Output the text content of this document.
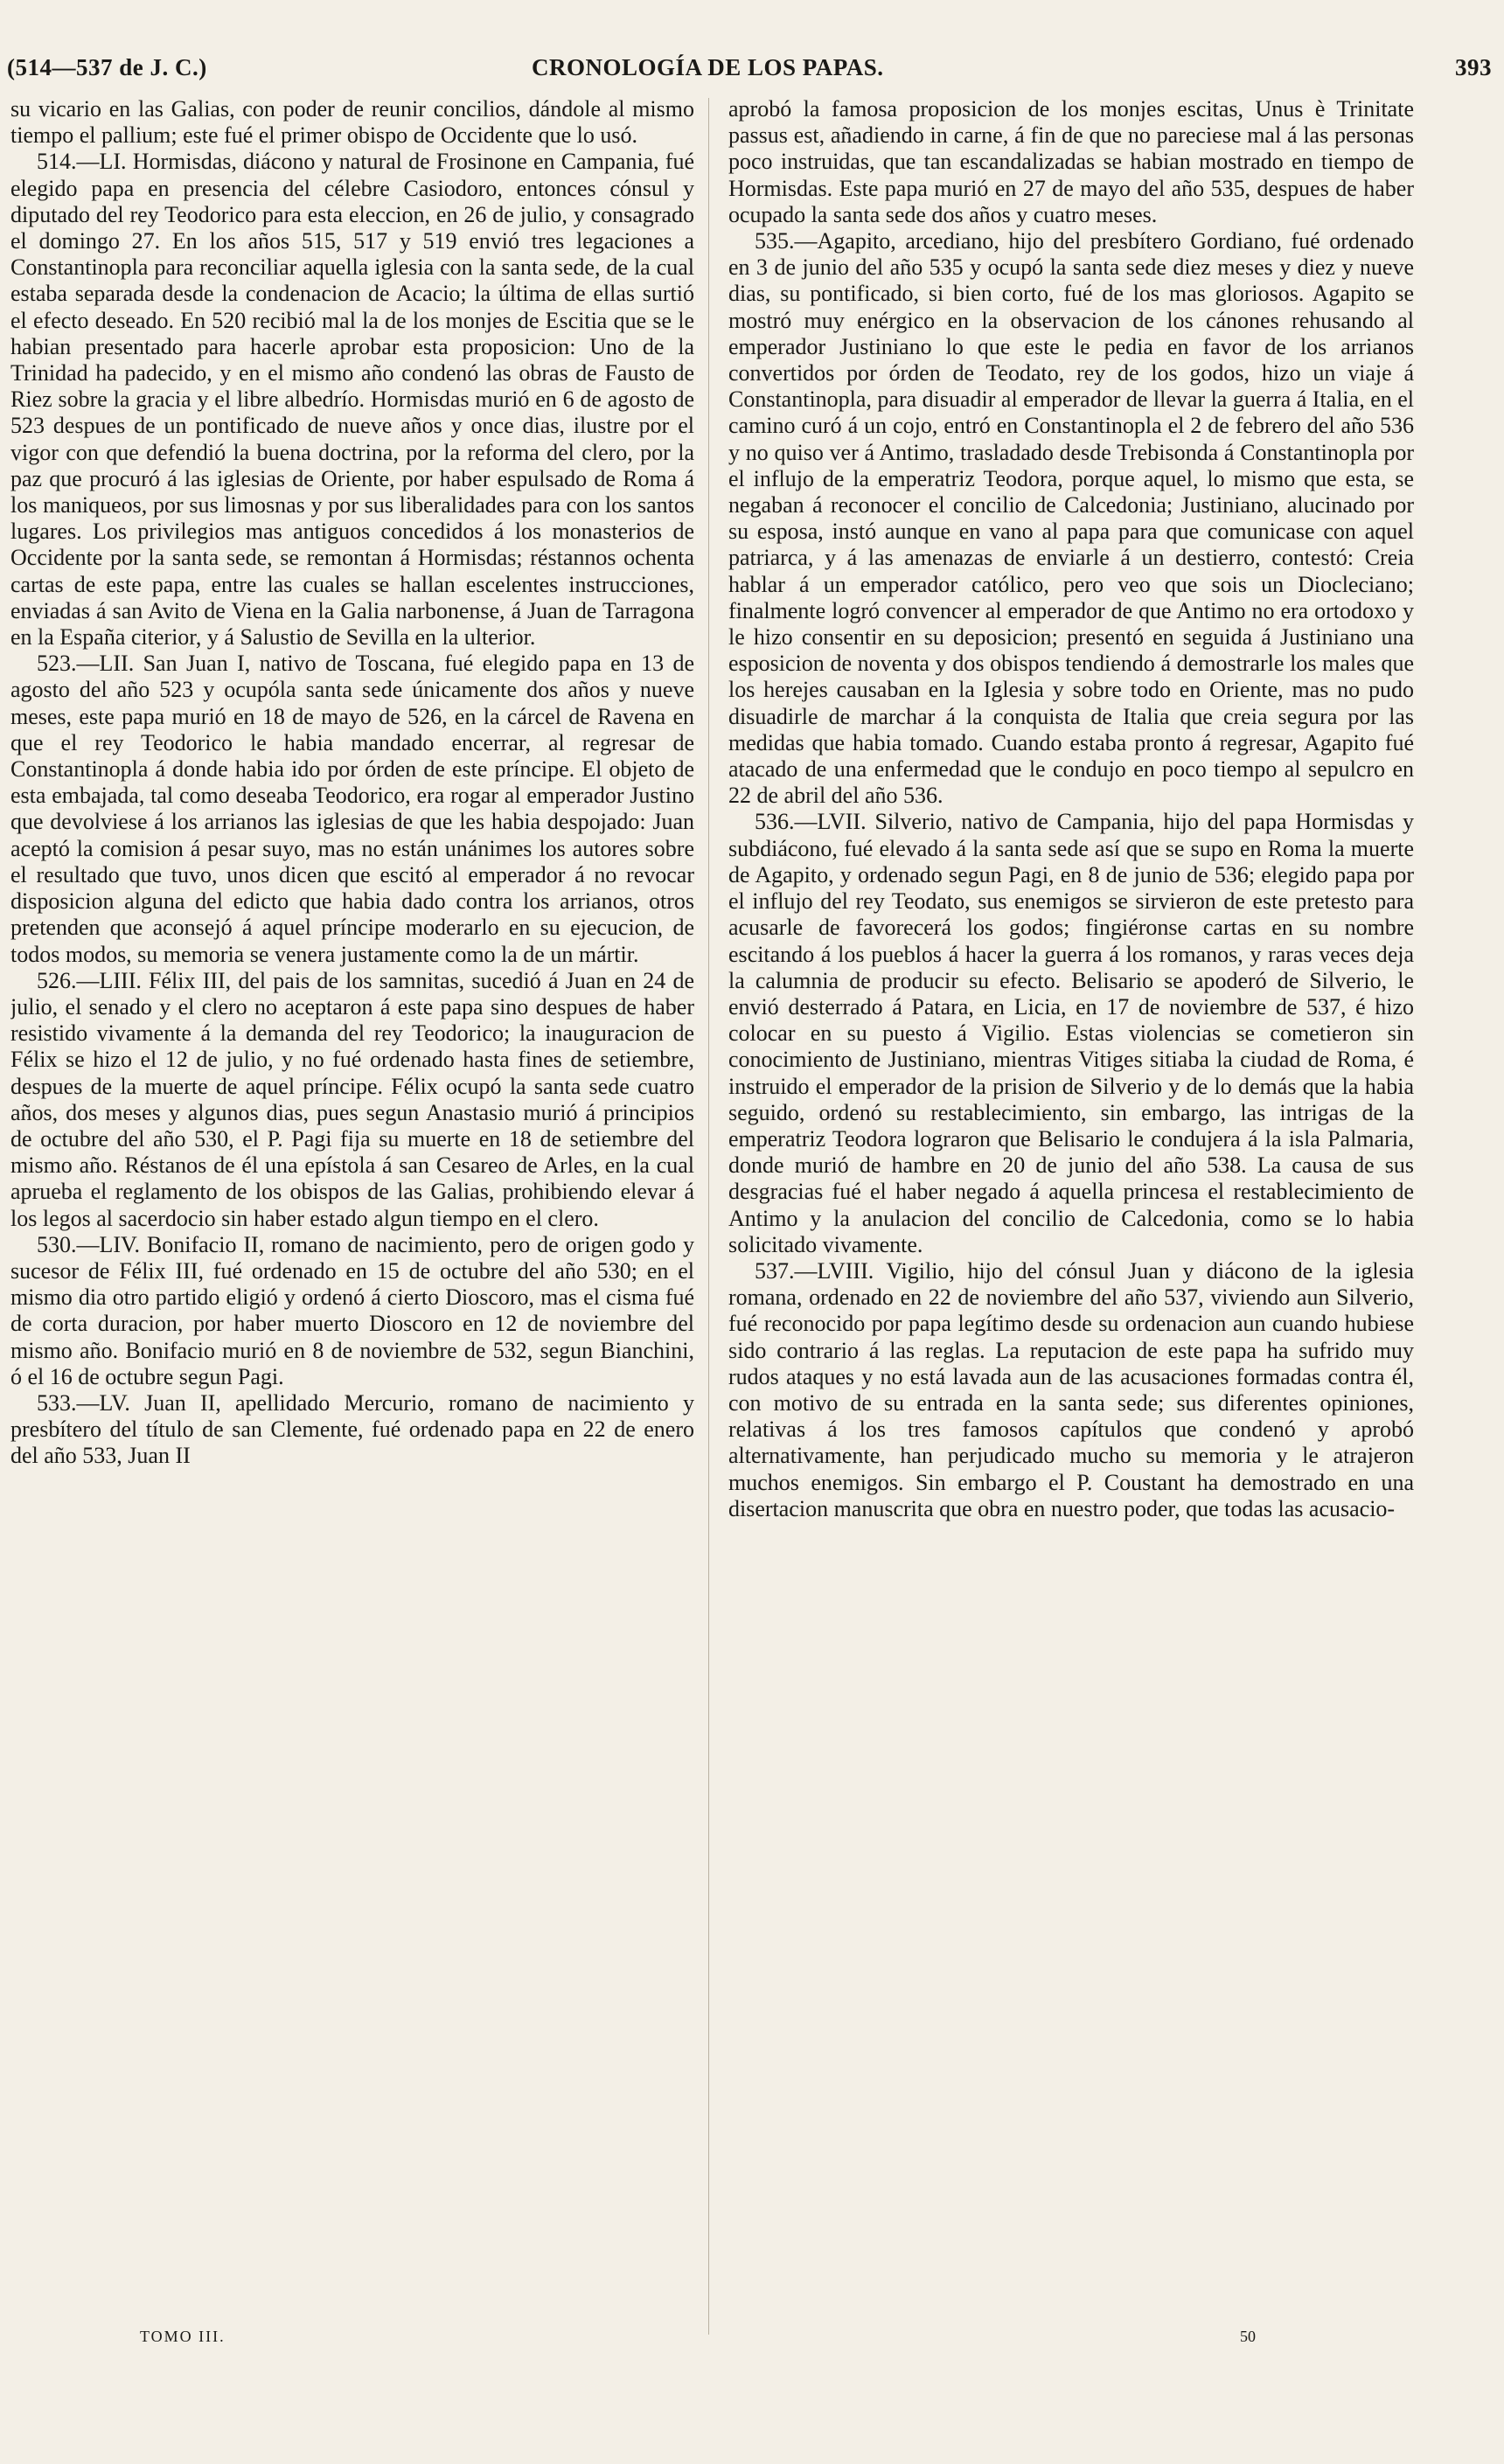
(514—537 de J. C.)	CRONOLOGÍA DE LOS PAPAS.	393

su vicario en las Galias, con poder de reunir concilios, dándole al mismo tiempo el pallium; este fué el primer obispo de Occidente que lo usó.

514.—LI. Hormisdas, diácono y natural de Frosinone en Campania, fué elegido papa en presencia del célebre Casiodoro, entonces cónsul y diputado del rey Teodorico para esta eleccion, en 26 de julio, y consagrado el domingo 27. En los años 515, 517 y 519 envió tres legaciones a Constantinopla para reconciliar aquella iglesia con la santa sede, de la cual estaba separada desde la condenacion de Acacio; la última de ellas surtió el efecto deseado. En 520 recibió mal la de los monjes de Escitia que se le habian presentado para hacerle aprobar esta proposicion: Uno de la Trinidad ha padecido, y en el mismo año condenó las obras de Fausto de Riez sobre la gracia y el libre albedrío. Hormisdas murió en 6 de agosto de 523 despues de un pontificado de nueve años y once dias, ilustre por el vigor con que defendió la buena doctrina, por la reforma del clero, por la paz que procuró á las iglesias de Oriente, por haber espulsado de Roma á los maniqueos, por sus limosnas y por sus liberalidades para con los santos lugares. Los privilegios mas antiguos concedidos á los monasterios de Occidente por la santa sede, se remontan á Hormisdas; réstannos ochenta cartas de este papa, entre las cuales se hallan escelentes instrucciones, enviadas á san Avito de Viena en la Galia narbonense, á Juan de Tarragona en la España citerior, y á Salustio de Sevilla en la ulterior.

523.—LII. San Juan I, nativo de Toscana, fué elegido papa en 13 de agosto del año 523 y ocupóla santa sede únicamente dos años y nueve meses, este papa murió en 18 de mayo de 526, en la cárcel de Ravena en que el rey Teodorico le habia mandado encerrar, al regresar de Constantinopla á donde habia ido por órden de este príncipe. El objeto de esta embajada, tal como deseaba Teodorico, era rogar al emperador Justino que devolviese á los arrianos las iglesias de que les habia despojado: Juan aceptó la comision á pesar suyo, mas no están unánimes los autores sobre el resultado que tuvo, unos dicen que escitó al emperador á no revocar disposicion alguna del edicto que habia dado contra los arrianos, otros pretenden que aconsejó á aquel príncipe moderarlo en su ejecucion, de todos modos, su memoria se venera justamente como la de un mártir.

526.—LIII. Félix III, del pais de los samnitas, sucedió á Juan en 24 de julio, el senado y el clero no aceptaron á este papa sino despues de haber resistido vivamente á la demanda del rey Teodorico; la inauguracion de Félix se hizo el 12 de julio, y no fué ordenado hasta fines de setiembre, despues de la muerte de aquel príncipe. Félix ocupó la santa sede cuatro años, dos meses y algunos dias, pues segun Anastasio murió á principios de octubre del año 530, el P. Pagi fija su muerte en 18 de setiembre del mismo año. Réstanos de él una epístola á san Cesareo de Arles, en la cual aprueba el reglamento de los obispos de las Galias, prohibiendo elevar á los legos al sacerdocio sin haber estado algun tiempo en el clero.

530.—LIV. Bonifacio II, romano de nacimiento, pero de origen godo y sucesor de Félix III, fué ordenado en 15 de octubre del año 530; en el mismo dia otro partido eligió y ordenó á cierto Dioscoro, mas el cisma fué de corta duracion, por haber muerto Dioscoro en 12 de noviembre del mismo año. Bonifacio murió en 8 de noviembre de 532, segun Bianchini, ó el 16 de octubre segun Pagi.

533.—LV. Juan II, apellidado Mercurio, romano de nacimiento y presbítero del título de san Clemente, fué ordenado papa en 22 de enero del año 533, Juan II

aprobó la famosa proposicion de los monjes escitas, Unus è Trinitate passus est, añadiendo in carne, á fin de que no pareciese mal á las personas poco instruidas, que tan escandalizadas se habian mostrado en tiempo de Hormisdas. Este papa murió en 27 de mayo del año 535, despues de haber ocupado la santa sede dos años y cuatro meses.

535.—Agapito, arcediano, hijo del presbítero Gordiano, fué ordenado en 3 de junio del año 535 y ocupó la santa sede diez meses y diez y nueve dias, su pontificado, si bien corto, fué de los mas gloriosos. Agapito se mostró muy enérgico en la observacion de los cánones rehusando al emperador Justiniano lo que este le pedia en favor de los arrianos convertidos por órden de Teodato, rey de los godos, hizo un viaje á Constantinopla, para disuadir al emperador de llevar la guerra á Italia, en el camino curó á un cojo, entró en Constantinopla el 2 de febrero del año 536 y no quiso ver á Antimo, trasladado desde Trebisonda á Constantinopla por el influjo de la emperatriz Teodora, porque aquel, lo mismo que esta, se negaban á reconocer el concilio de Calcedonia; Justiniano, alucinado por su esposa, instó aunque en vano al papa para que comunicase con aquel patriarca, y á las amenazas de enviarle á un destierro, contestó: Creia hablar á un emperador católico, pero veo que sois un Diocleciano; finalmente logró convencer al emperador de que Antimo no era ortodoxo y le hizo consentir en su deposicion; presentó en seguida á Justiniano una esposicion de noventa y dos obispos tendiendo á demostrarle los males que los herejes causaban en la Iglesia y sobre todo en Oriente, mas no pudo disuadirle de marchar á la conquista de Italia que creia segura por las medidas que habia tomado. Cuando estaba pronto á regresar, Agapito fué atacado de una enfermedad que le condujo en poco tiempo al sepulcro en 22 de abril del año 536.

536.—LVII. Silverio, nativo de Campania, hijo del papa Hormisdas y subdiácono, fué elevado á la santa sede así que se supo en Roma la muerte de Agapito, y ordenado segun Pagi, en 8 de junio de 536; elegido papa por el influjo del rey Teodato, sus enemigos se sirvieron de este pretesto para acusarle de favorecerá los godos; fingiéronse cartas en su nombre escitando á los pueblos á hacer la guerra á los romanos, y raras veces deja la calumnia de producir su efecto. Belisario se apoderó de Silverio, le envió desterrado á Patara, en Licia, en 17 de noviembre de 537, é hizo colocar en su puesto á Vigilio. Estas violencias se cometieron sin conocimiento de Justiniano, mientras Vitiges sitiaba la ciudad de Roma, é instruido el emperador de la prision de Silverio y de lo demás que la habia seguido, ordenó su restablecimiento, sin embargo, las intrigas de la emperatriz Teodora lograron que Belisario le condujera á la isla Palmaria, donde murió de hambre en 20 de junio del año 538. La causa de sus desgracias fué el haber negado á aquella princesa el restablecimiento de Antimo y la anulacion del concilio de Calcedonia, como se lo habia solicitado vivamente.

537.—LVIII. Vigilio, hijo del cónsul Juan y diácono de la iglesia romana, ordenado en 22 de noviembre del año 537, viviendo aun Silverio, fué reconocido por papa legítimo desde su ordenacion aun cuando hubiese sido contrario á las reglas. La reputacion de este papa ha sufrido muy rudos ataques y no está lavada aun de las acusaciones formadas contra él, con motivo de su entrada en la santa sede; sus diferentes opiniones, relativas á los tres famosos capítulos que condenó y aprobó alternativamente, han perjudicado mucho su memoria y le atrajeron muchos enemigos. Sin embargo el P. Coustant ha demostrado en una disertacion manuscrita que obra en nuestro poder, que todas las acusacio-

TOMO III.	50
